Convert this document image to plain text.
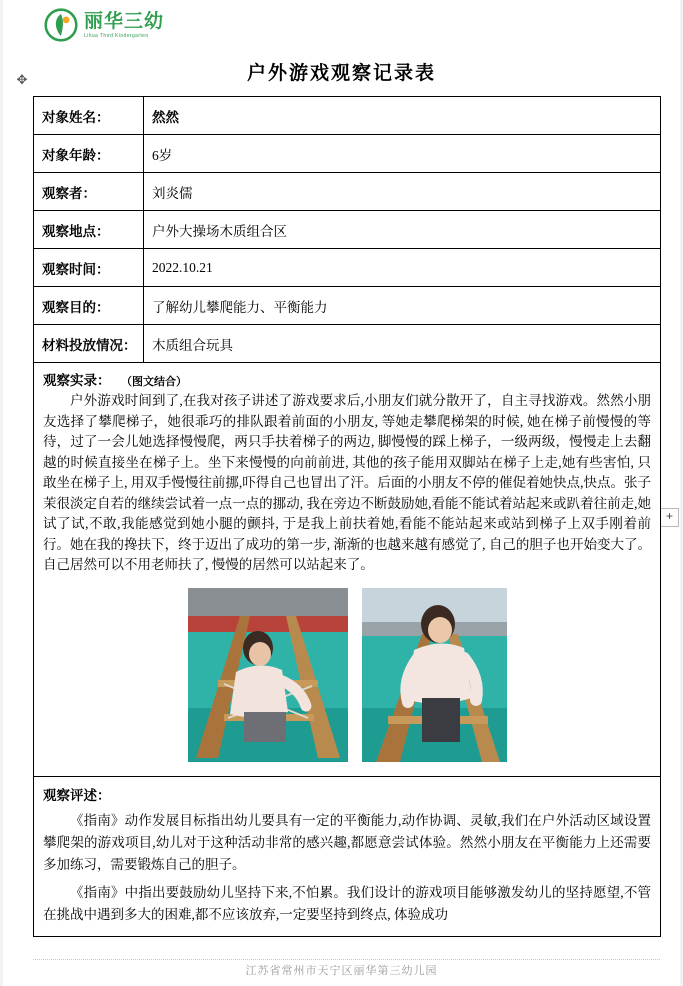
丽华三幼
Lihua Third Kindergarten
✥	户外游戏观察记录表
+
对象姓名：	然然
对象年龄：	6岁
观察者：	刘炎儒
观察地点：	户外大操场木质组合区
观察时间：	2022.10.21
观察目的：	了解幼儿攀爬能力、平衡能力
材料投放情况：	木质组合玩具

观察实录： （图文结合）
户外游戏时间到了,在我对孩子讲述了游戏要求后,小朋友们就分散开了，自主寻找游戏。然然小朋友选择了攀爬梯子，她很乖巧的排队跟着前面的小朋友, 等她走攀爬梯架的时候, 她在梯子前慢慢的等待，过了一会儿她选择慢慢爬，两只手扶着梯子的两边, 脚慢慢的踩上梯子，一级两级，慢慢走上去翻越的时候直接坐在梯子上。坐下来慢慢的向前前进, 其他的孩子能用双脚站在梯子上走,她有些害怕, 只敢坐在梯子上, 用双手慢慢往前挪,吓得自己也冒出了汗。后面的小朋友不停的催促着她快点,快点。张子茉很淡定自若的继续尝试着一点一点的挪动, 我在旁边不断鼓励她,看能不能试着站起来或趴着往前走,她试了试,不敢,我能感觉到她小腿的颤抖, 于是我上前扶着她,看能不能站起来或站到梯子上双手刚着前行。她在我的搀扶下，终于迈出了成功的第一步, 渐渐的也越来越有感觉了, 自己的胆子也开始变大了。自己居然可以不用老师扶了, 慢慢的居然可以站起来了。	

观察评述：

《指南》动作发展目标指出幼儿要具有一定的平衡能力,动作协调、灵敏,我们在户外活动区域设置攀爬架的游戏项目,幼儿对于这种活动非常的感兴趣,都愿意尝试体验。然然小朋友在平衡能力上还需要多加练习，需要锻炼自己的胆子。

《指南》中指出要鼓励幼儿坚持下来,不怕累。我们设计的游戏项目能够激发幼儿的坚持愿望,不管在挑战中遇到多大的困难,都不应该放弃,一定要坚持到终点, 体验成功	

江苏省常州市天宁区丽华第三幼儿园
